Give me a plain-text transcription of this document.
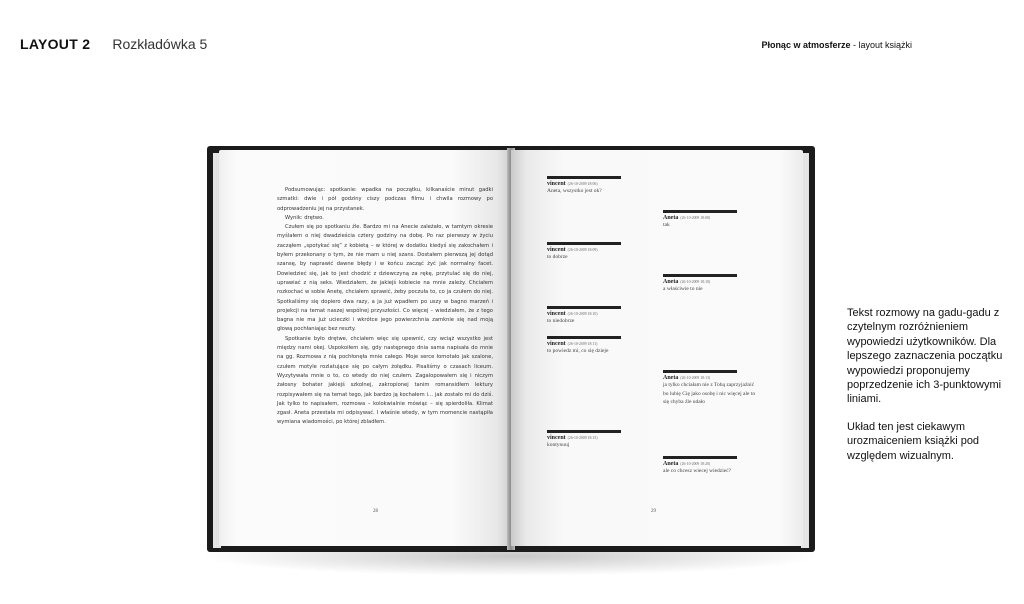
LAYOUT 2 Rozkładówka 5	Płonąc w atmosferze - layout książki

Podsumowując: spotkanie: wpadka na początku, kilkanaście minut gadki szmatki: dwie i pół godziny ciszy podczas filmu i chwila rozmowy po odprowadzeniu jej na przystanek.

Wynik: drętwo.

Czułem się po spotkaniu źle. Bardzo mi na Anecie zależało, w tamtym okresie myślałem o niej dwadzieścia cztery godziny na dobę. Po raz pierwszy w życiu zacząłem „spotykać się” z kobietą – w której w dodatku kiedyś się zakochałem i byłem przekonany o tym, że nie mam u niej szans. Dostałem pierwszą jej dotąd szansę, by naprawić dawne błędy i w końcu zacząć żyć jak normalny facet. Dowiedzieć się, jak to jest chodzić z dziewczyną za rękę, przytulać się do niej, uprawiać z nią seks. Wiedziałem, że jakiejś kobiecie na mnie zależy. Chciałem rozkochać w sobie Anetę, chciałem sprawić, żeby poczuła to, co ja czułem do niej. Spotkaliśmy się dopiero dwa razy, a ja już wpadłem po uszy w bagno marzeń i projekcji na temat naszej wspólnej przyszłości. Co więcej – wiedziałem, że z tego bagna nie ma już ucieczki i wkrótce jego powierzchnia zamknie się nad moją głową pochłaniając bez reszty.

Spotkanie było drętwe, chciałem więc się upewnić, czy wciąż wszystko jest między nami okej. Uspokoiłem się, gdy następnego dnia sama napisała do mnie na gg. Rozmowa z nią pochłonęła mnie całego. Moje serce łomotało jak szalone, czułem motyle rozlatujące się po całym żołądku. Pisaliśmy o czasach liceum. Wyzytywała mnie o to, co wtedy do niej czułem. Zagalopowałem się i niczym żałosny bohater jakiejś szkolnej, zakropionej tanim romansidłem lektury rozpisywałem się na temat tego, jak bardzo ją kochałem i… jak zostało mi do dziś. Jak tylko to napisałem, rozmowa – kolokwialnie mówiąc – się spierdoliła. Klimat zgasł. Aneta przestała mi odpisywać. I właśnie wtedy, w tym momencie nastąpiła wymiana wiadomości, po której zbladłem.

28
vincent (26-10-2009 18:06)
Aneta, wszystko jest ok?
Aneta (26-10-2009 18:08)
tak
vincent (26-10-2009 18:09)
to dobrze
Aneta (26-10-2009 18:10)
a właściwie to nie
vincent (26-10-2009 18:10)
to niedobrze
vincent (26-10-2009 18:11)
to powiedz mi, co się dzieje
Aneta (26-10-2009 18:13)
ja tylko chciałam nie z Tobą zaprzyjaźnić bo lubię Cię jako osobę i nic więcej ale to się chyba źle udało
vincent (26-10-2009 18:15)
kontynuuj
Aneta (26-10-2009 18:20)
ale co chcesz wiecej wiedzieć?
29

Tekst rozmowy na gadu-gadu z czytelnym rozróżnieniem wypowiedzi użytkowników. Dla lepszego zaznaczenia początku wypowiedzi proponujemy poprzedzenie ich 3-punktowymi liniami.

Układ ten jest ciekawym urozmaiceniem książki pod względem wizualnym.
